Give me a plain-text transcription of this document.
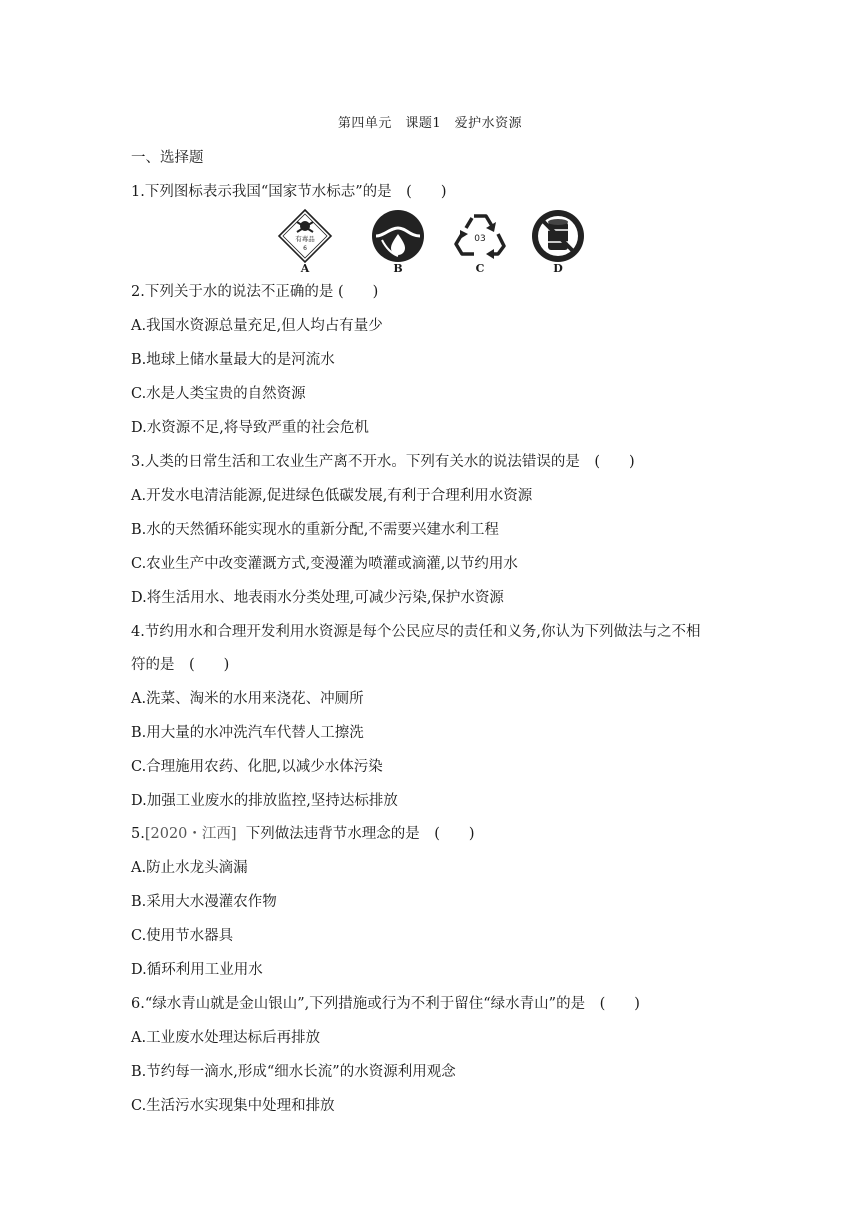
第四单元　课题1　爱护水资源
一、选择题
1.下列图标表示我国“国家节水标志”的是　(　　)
有毒品
6
A	B
03
C	D
2.下列关于水的说法不正确的是 (　　)
A.我国水资源总量充足,但人均占有量少
B.地球上储水量最大的是河流水
C.水是人类宝贵的自然资源
D.水资源不足,将导致严重的社会危机
3.人类的日常生活和工农业生产离不开水。下列有关水的说法错误的是　(　　)
A.开发水电清洁能源,促进绿色低碳发展,有利于合理利用水资源
B.水的天然循环能实现水的重新分配,不需要兴建水利工程
C.农业生产中改变灌溉方式,变漫灌为喷灌或滴灌,以节约用水
D.将生活用水、地表雨水分类处理,可减少污染,保护水资源
4.节约用水和合理开发利用水资源是每个公民应尽的责任和义务,你认为下列做法与之不相
符的是　(　　)
A.洗菜、淘米的水用来浇花、冲厕所
B.用大量的水冲洗汽车代替人工擦洗
C.合理施用农药、化肥,以减少水体污染
D.加强工业废水的排放监控,坚持达标排放
5.[2020・江西] 下列做法违背节水理念的是　(　　)
A.防止水龙头滴漏
B.采用大水漫灌农作物
C.使用节水器具
D.循环利用工业用水
6.“绿水青山就是金山银山”,下列措施或行为不利于留住“绿水青山”的是　(　　)
A.工业废水处理达标后再排放
B.节约每一滴水,形成“细水长流”的水资源利用观念
C.生活污水实现集中处理和排放
